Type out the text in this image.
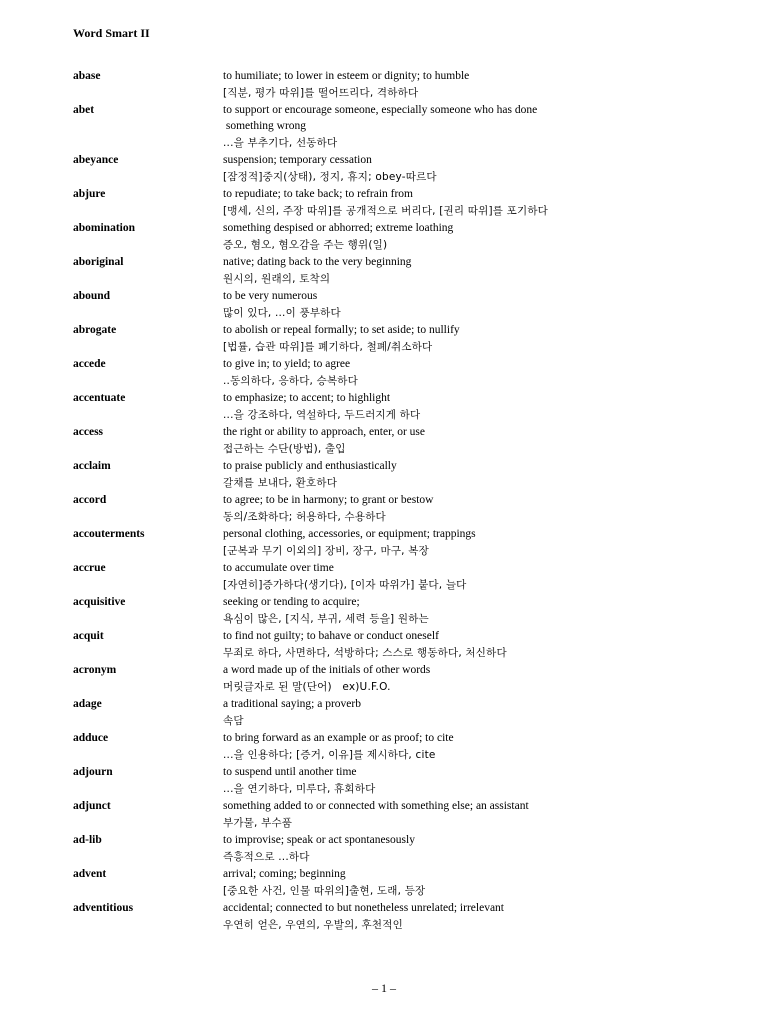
Word Smart II
abase	to humiliate; to lower in esteem or dignity; to humble
[직분, 평가 따위]를 떨어뜨리다, 격하하다
abet	to support or encourage someone, especially someone who has done
something wrong
...을 부추기다, 선동하다
abeyance	suspension; temporary cessation
[잠정적]중지(상태), 정지, 휴지; obey-따르다
abjure	to repudiate; to take back; to refrain from
[맹세, 신의, 주장 따위]를 공개적으로 버리다, [권리 따위]를 포기하다
abomination	something despised or abhorred; extreme loathing
증오, 혐오, 혐오감을 주는 행위(일)
aboriginal	native; dating back to the very beginning
원시의, 원래의, 토착의
abound	to be very numerous
많이 있다, ...이 풍부하다
abrogate	to abolish or repeal formally; to set aside; to nullify
[법률, 습관 따위]를 폐기하다, 철폐/취소하다
accede	to give in; to yield; to agree
..동의하다, 응하다, 승복하다
accentuate	to emphasize; to accent; to highlight
...을 강조하다, 역설하다, 두드러지게 하다
access	the right or ability to approach, enter, or use
접근하는 수단(방법), 출입
acclaim	to praise publicly and enthusiastically
갈채를 보내다, 환호하다
accord	to agree; to be in harmony; to grant or bestow
동의/조화하다; 허용하다, 수용하다
accouterments	personal clothing, accessories, or equipment; trappings
[군복과 무기 이외의] 장비, 장구, 마구, 복장
accrue	to accumulate over time
[자연히]증가하다(생기다), [이자 따위가] 붙다, 늘다
acquisitive	seeking or tending to acquire;
욕심이 많은, [지식, 부귀, 세력 등을] 원하는
acquit	to find not guilty; to bahave or conduct oneself
무죄로 하다, 사면하다, 석방하다; 스스로 행동하다, 처신하다
acronym	a word made up of the initials of other words
머릿글자로 된 말(단어)   ex)U.F.O.
adage	a traditional saying; a proverb
속담
adduce	to bring forward as an example or as proof; to cite
...을 인용하다; [증거, 이유]를 제시하다, cite
adjourn	to suspend until another time
...을 연기하다, 미루다, 휴회하다
adjunct	something added to or connected with something else; an assistant
부가물, 부수품
ad-lib	to improvise; speak or act spontanesously
즉흥적으로 ...하다
advent	arrival; coming; beginning
[중요한 사건, 인물 따위의]출현, 도래, 등장
adventitious	accidental; connected to but nonetheless unrelated; irrelevant
우연히 얻은, 우연의, 우발의, 후천적인
– 1 –
